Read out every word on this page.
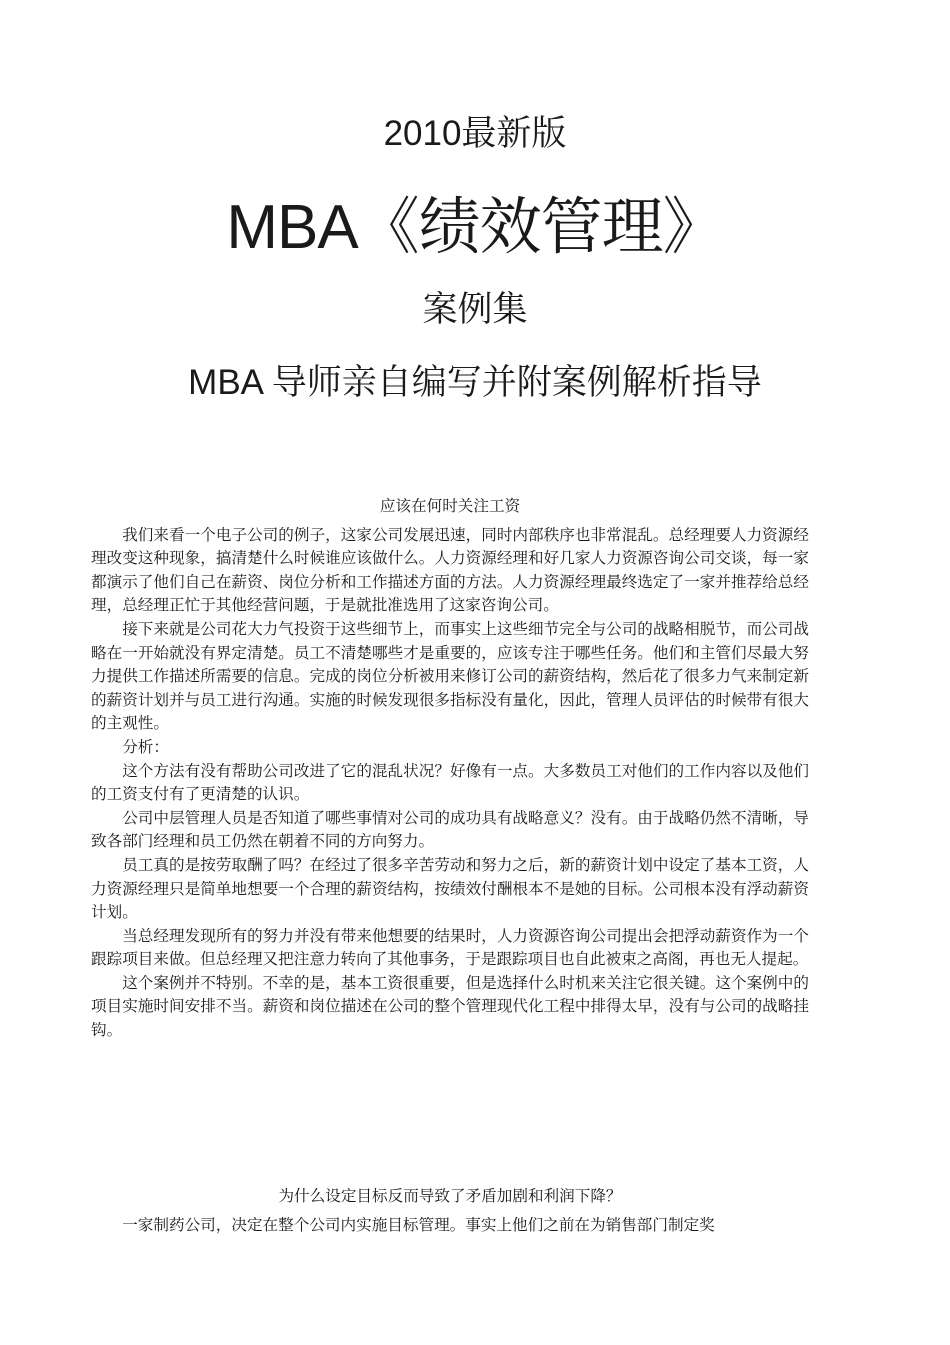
2010最新版
MBA《绩效管理》
案例集
MBA 导师亲自编写并附案例解析指导

应该在何时关注工资

我们来看一个电子公司的例子，这家公司发展迅速，同时内部秩序也非常混乱。总经理要人力资源经理改变这种现象，搞清楚什么时候谁应该做什么。人力资源经理和好几家人力资源咨询公司交谈，每一家都演示了他们自己在薪资、岗位分析和工作描述方面的方法。人力资源经理最终选定了一家并推荐给总经理，总经理正忙于其他经营问题，于是就批准选用了这家咨询公司。

接下来就是公司花大力气投资于这些细节上，而事实上这些细节完全与公司的战略相脱节，而公司战略在一开始就没有界定清楚。员工不清楚哪些才是重要的，应该专注于哪些任务。他们和主管们尽最大努力提供工作描述所需要的信息。完成的岗位分析被用来修订公司的薪资结构，然后花了很多力气来制定新的薪资计划并与员工进行沟通。实施的时候发现很多指标没有量化，因此，管理人员评估的时候带有很大的主观性。

分析：

这个方法有没有帮助公司改进了它的混乱状况？好像有一点。大多数员工对他们的工作内容以及他们的工资支付有了更清楚的认识。

公司中层管理人员是否知道了哪些事情对公司的成功具有战略意义？没有。由于战略仍然不清晰，导致各部门经理和员工仍然在朝着不同的方向努力。

员工真的是按劳取酬了吗？在经过了很多辛苦劳动和努力之后，新的薪资计划中设定了基本工资，人力资源经理只是简单地想要一个合理的薪资结构，按绩效付酬根本不是她的目标。公司根本没有浮动薪资计划。

当总经理发现所有的努力并没有带来他想要的结果时，人力资源咨询公司提出会把浮动薪资作为一个跟踪项目来做。但总经理又把注意力转向了其他事务，于是跟踪项目也自此被束之高阁，再也无人提起。

这个案例并不特别。不幸的是，基本工资很重要，但是选择什么时机来关注它很关键。这个案例中的项目实施时间安排不当。薪资和岗位描述在公司的整个管理现代化工程中排得太早，没有与公司的战略挂钩。

为什么设定目标反而导致了矛盾加剧和利润下降？

一家制药公司，决定在整个公司内实施目标管理。事实上他们之前在为销售部门制定奖
